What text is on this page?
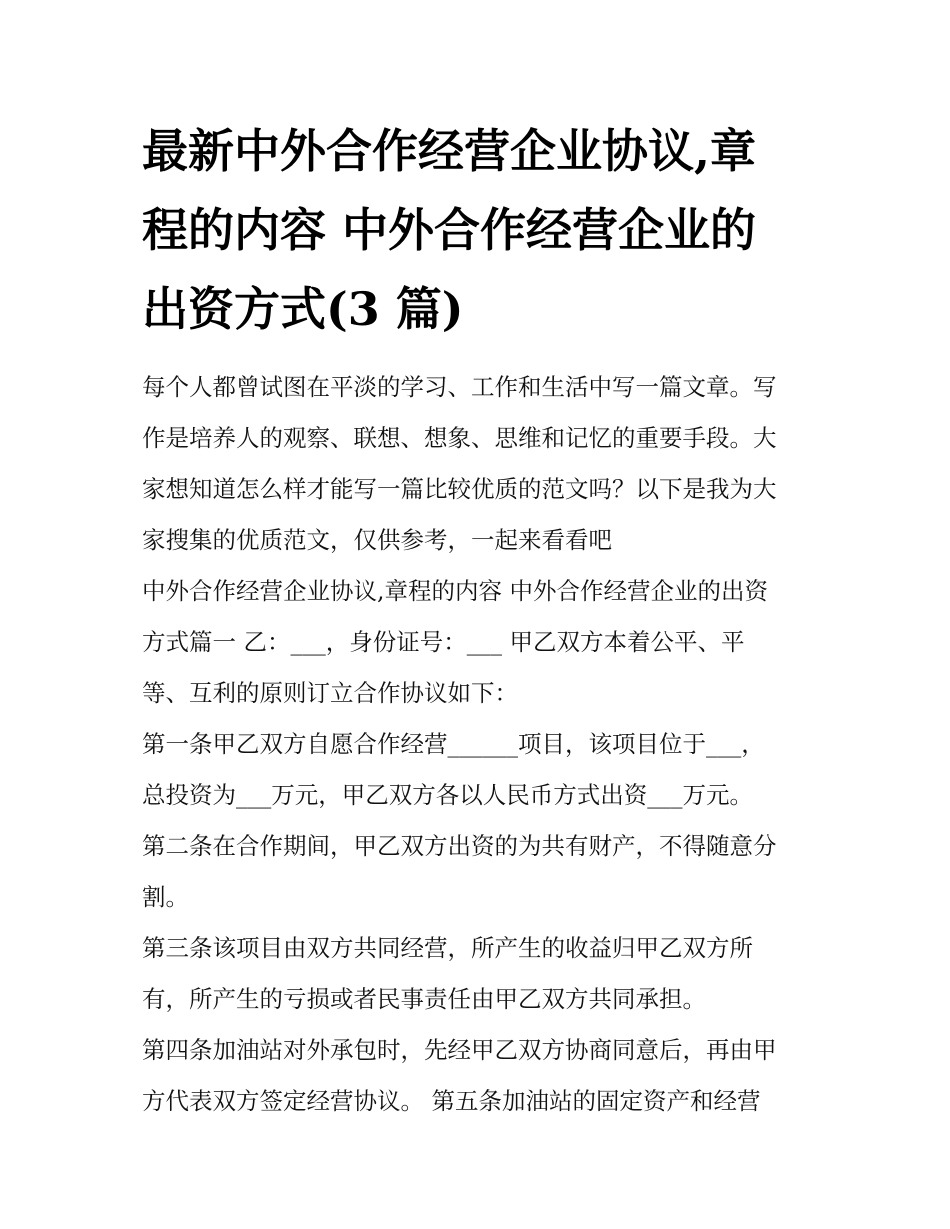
最新中外合作经营企业协议,章
程的内容 中外合作经营企业的
出资方式(3 篇)

每个人都曾试图在平淡的学习、工作和生活中写一篇文章。写
作是培养人的观察、联想、想象、思维和记忆的重要手段。大
家想知道怎么样才能写一篇比较优质的范文吗？以下是我为大
家搜集的优质范文，仅供参考，一起来看看吧

中外合作经营企业协议,章程的内容 中外合作经营企业的出资
方式篇一 乙：___，身份证号：___ 甲乙双方本着公平、平
等、互利的原则订立合作协议如下：

第一条甲乙双方自愿合作经营______项目，该项目位于___，
总投资为___万元，甲乙双方各以人民币方式出资___万元。

第二条在合作期间，甲乙双方出资的为共有财产，不得随意分
割。

第三条该项目由双方共同经营，所产生的收益归甲乙双方所
有，所产生的亏损或者民事责任由甲乙双方共同承担。

第四条加油站对外承包时，先经甲乙双方协商同意后，再由甲
方代表双方签定经营协议。 第五条加油站的固定资产和经营
